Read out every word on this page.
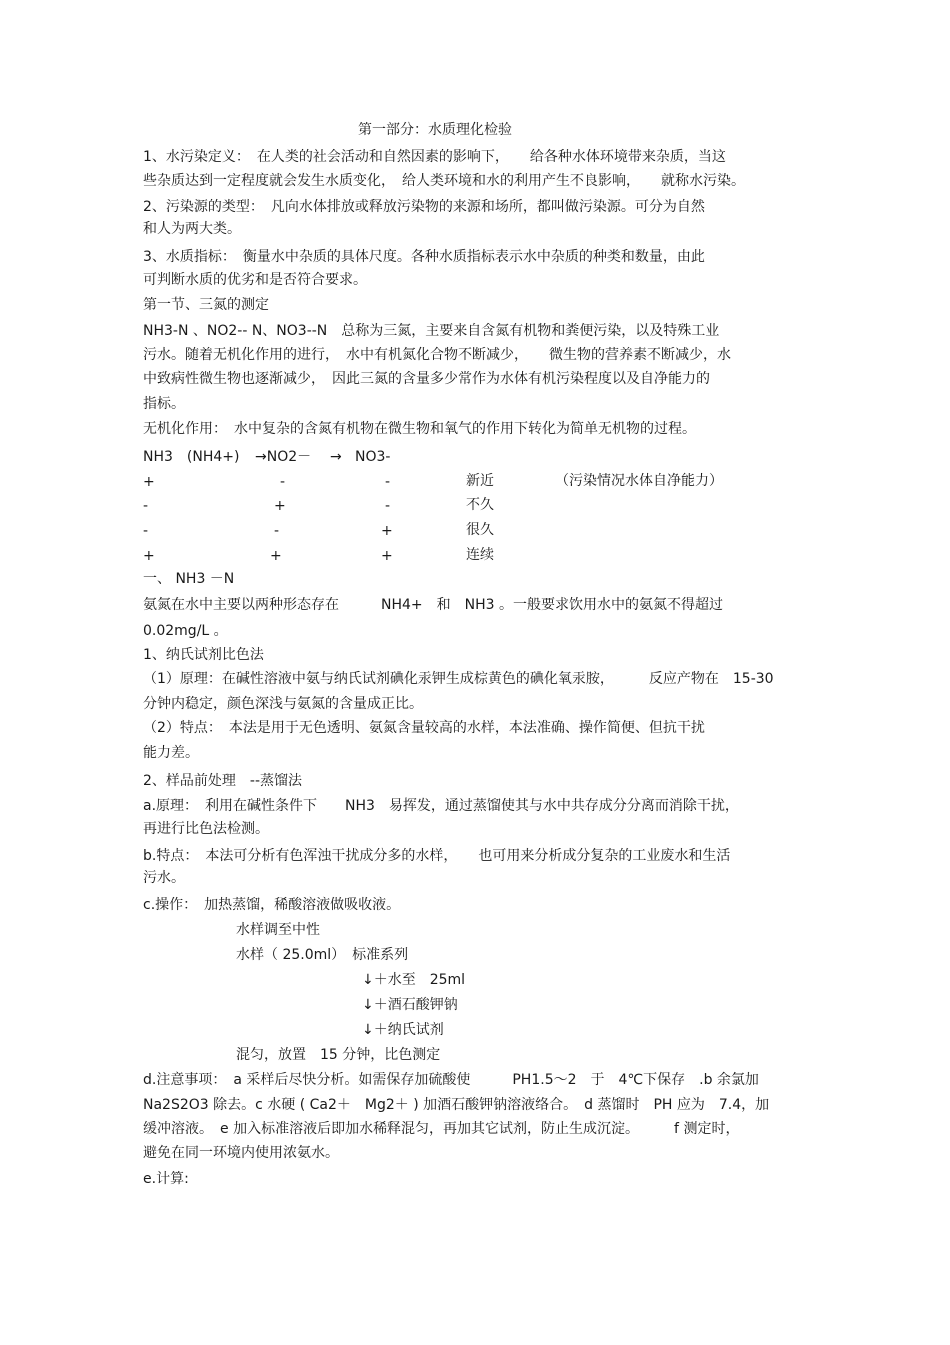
第一部分：水质理化检验
1、水污染定义：　在人类的社会活动和自然因素的影响下，　　给各种水体环境带来杂质，当这
些杂质达到一定程度就会发生水质变化，　给人类环境和水的利用产生不良影响，　　就称水污染。
2、污染源的类型：　凡向水体排放或释放污染物的来源和场所，都叫做污染源。可分为自然
和人为两大类。
3、水质指标：　衡量水中杂质的具体尺度。各种水质指标表示水中杂质的种类和数量，由此
可判断水质的优劣和是否符合要求。
第一节、三氮的测定
NH3-N 、NO2-- N、NO3--N　总称为三氮，主要来自含氮有机物和粪便污染，以及特殊工业
污水。随着无机化作用的进行，　水中有机氮化合物不断减少，　　微生物的营养素不断减少，水
中致病性微生物也逐渐减少，　因此三氮的含量多少常作为水体有机污染程度以及自净能力的
指标。
无机化作用：　水中复杂的含氮有机物在微生物和氧气的作用下转化为简单无机物的过程。
NH3　(NH4+) →NO2－ → NO3-
+	-	-	新近	（污染情况水体自净能力）
-	+	-	不久
-	-	+	很久
+	+	+	连续
一、 NH3 －N
氨氮在水中主要以两种形态存在　　　NH4+　和　NH3 。一般要求饮用水中的氨氮不得超过
0.02mg/L 。
1、纳氏试剂比色法
（1）原理：在碱性溶液中氨与纳氏试剂碘化汞钾生成棕黄色的碘化氧汞胺，　　　反应产物在　15-30
分钟内稳定，颜色深浅与氨氮的含量成正比。
（2）特点：　本法是用于无色透明、氨氮含量较高的水样，本法准确、操作简便、但抗干扰
能力差。
2、样品前处理　--蒸馏法
a.原理：　利用在碱性条件下　　NH3　易挥发，通过蒸馏使其与水中共存成分分离而消除干扰，
再进行比色法检测。
b.特点：　本法可分析有色浑浊干扰成分多的水样，　　也可用来分析成分复杂的工业废水和生活
污水。
c.操作：　加热蒸馏，稀酸溶液做吸收液。
水样调至中性
水样（ 25.0ml）　标准系列
↓＋水至　25ml
↓＋酒石酸钾钠
↓＋纳氏试剂
混匀，放置　15 分钟，比色测定
d.注意事项：　a 采样后尽快分析。如需保存加硫酸使　　　PH1.5～2　于　4℃下保存　.b 余氯加
Na2S2O3 除去。c 水硬 ( Ca2＋　Mg2＋ ) 加酒石酸钾钠溶液络合。　d 蒸馏时　PH 应为　7.4，加
缓冲溶液。　e 加入标准溶液后即加水稀释混匀，再加其它试剂，防止生成沉淀。　　　f 测定时，
避免在同一环境内使用浓氨水。
e.计算:
